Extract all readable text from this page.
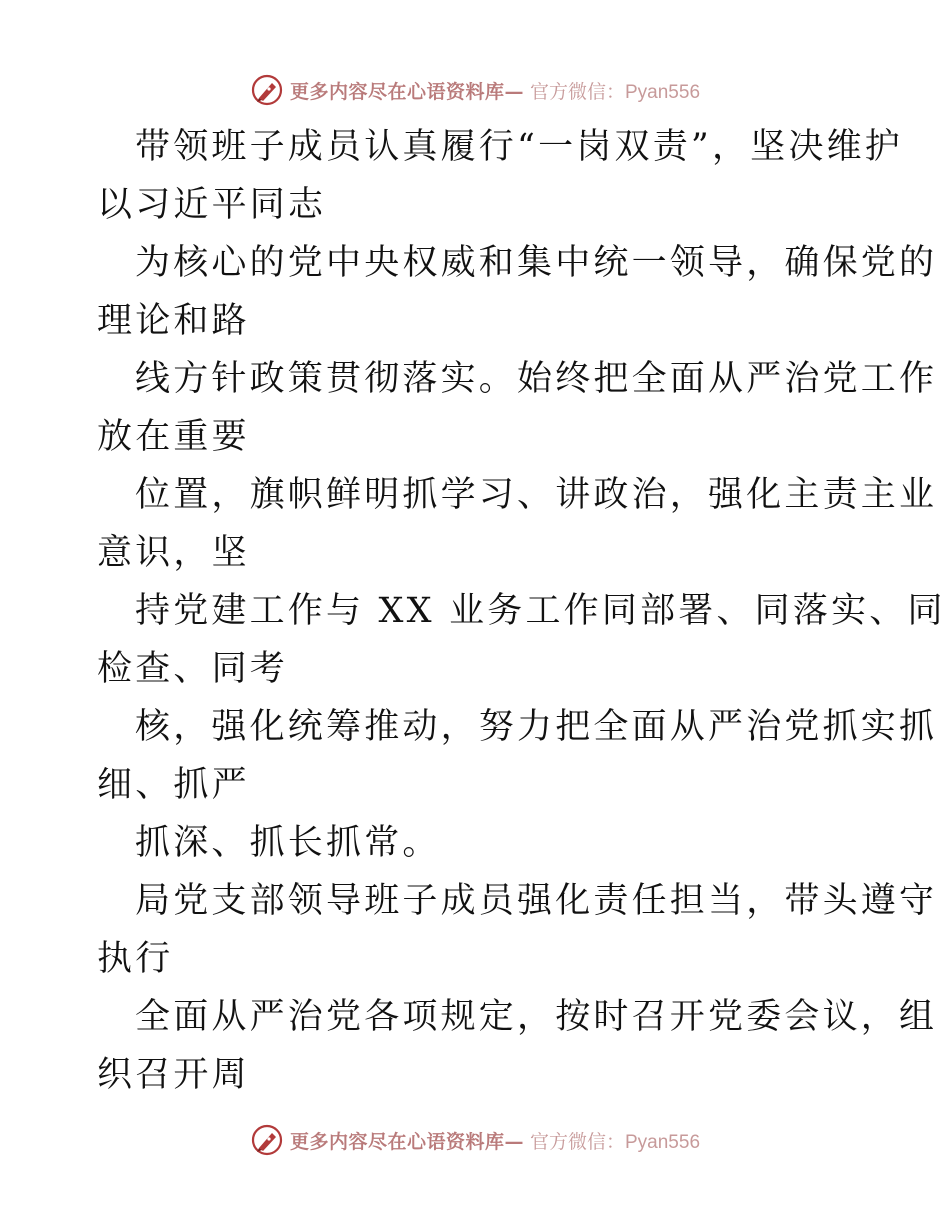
更多内容尽在心语资料库— 官方微信：Pyan556
带领班子成员认真履行“一岗双责”，坚决维护
以习近平同志
为核心的党中央权威和集中统一领导，确保党的
理论和路
线方针政策贯彻落实。始终把全面从严治党工作
放在重要
位置，旗帜鲜明抓学习、讲政治，强化主责主业
意识，坚
持党建工作与 XX 业务工作同部署、同落实、同
检查、同考
核，强化统筹推动，努力把全面从严治党抓实抓
细、抓严
抓深、抓长抓常。
局党支部领导班子成员强化责任担当，带头遵守
执行
全面从严治党各项规定，按时召开党委会议，组
织召开周
更多内容尽在心语资料库— 官方微信：Pyan556
